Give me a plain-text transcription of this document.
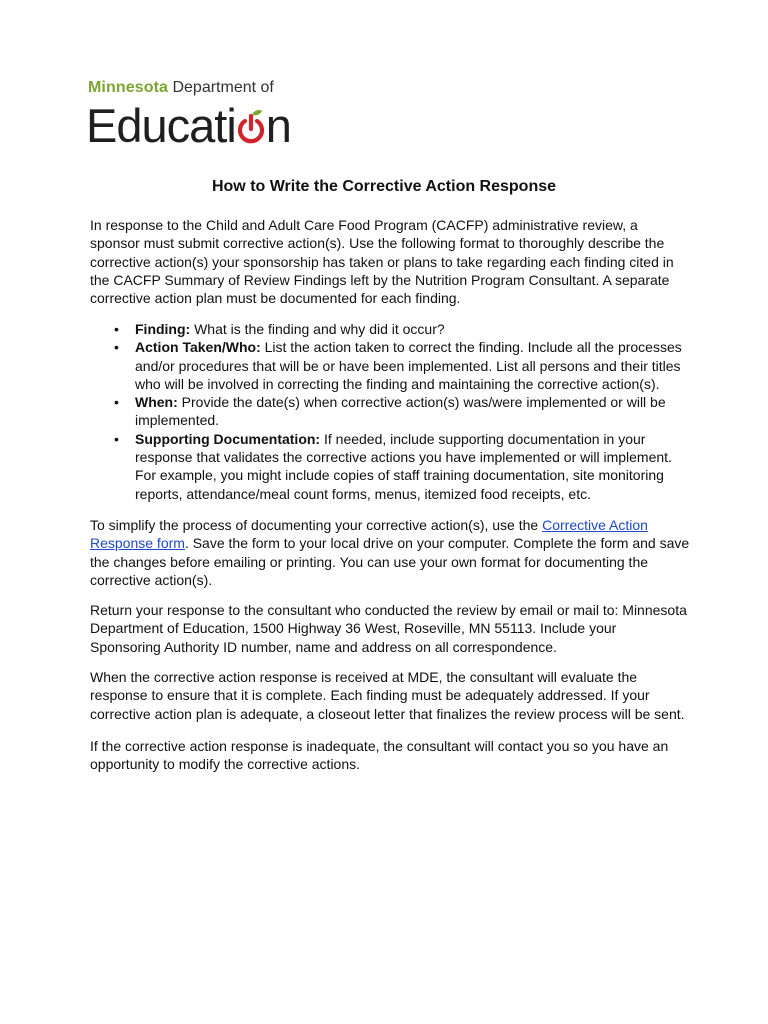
Minnesota Department of
Educati n
How to Write the Corrective Action Response

In response to the Child and Adult Care Food Program (CACFP) administrative review, a sponsor must submit corrective action(s). Use the following format to thoroughly describe the corrective action(s) your sponsorship has taken or plans to take regarding each finding cited in the CACFP Summary of Review Findings left by the Nutrition Program Consultant. A separate corrective action plan must be documented for each finding.

• Finding: What is the finding and why did it occur?
• Action Taken/Who: List the action taken to correct the finding. Include all the processes and/or procedures that will be or have been implemented. List all persons and their titles who will be involved in correcting the finding and maintaining the corrective action(s).
• When: Provide the date(s) when corrective action(s) was/were implemented or will be implemented.
• Supporting Documentation: If needed, include supporting documentation in your response that validates the corrective actions you have implemented or will implement. For example, you might include copies of staff training documentation, site monitoring reports, attendance/meal count forms, menus, itemized food receipts, etc.

To simplify the process of documenting your corrective action(s), use the Corrective Action Response form. Save the form to your local drive on your computer. Complete the form and save the changes before emailing or printing. You can use your own format for documenting the corrective action(s).

Return your response to the consultant who conducted the review by email or mail to: Minnesota Department of Education, 1500 Highway 36 West, Roseville, MN 55113. Include your Sponsoring Authority ID number, name and address on all correspondence.

When the corrective action response is received at MDE, the consultant will evaluate the response to ensure that it is complete. Each finding must be adequately addressed. If your corrective action plan is adequate, a closeout letter that finalizes the review process will be sent.

If the corrective action response is inadequate, the consultant will contact you so you have an opportunity to modify the corrective actions.
